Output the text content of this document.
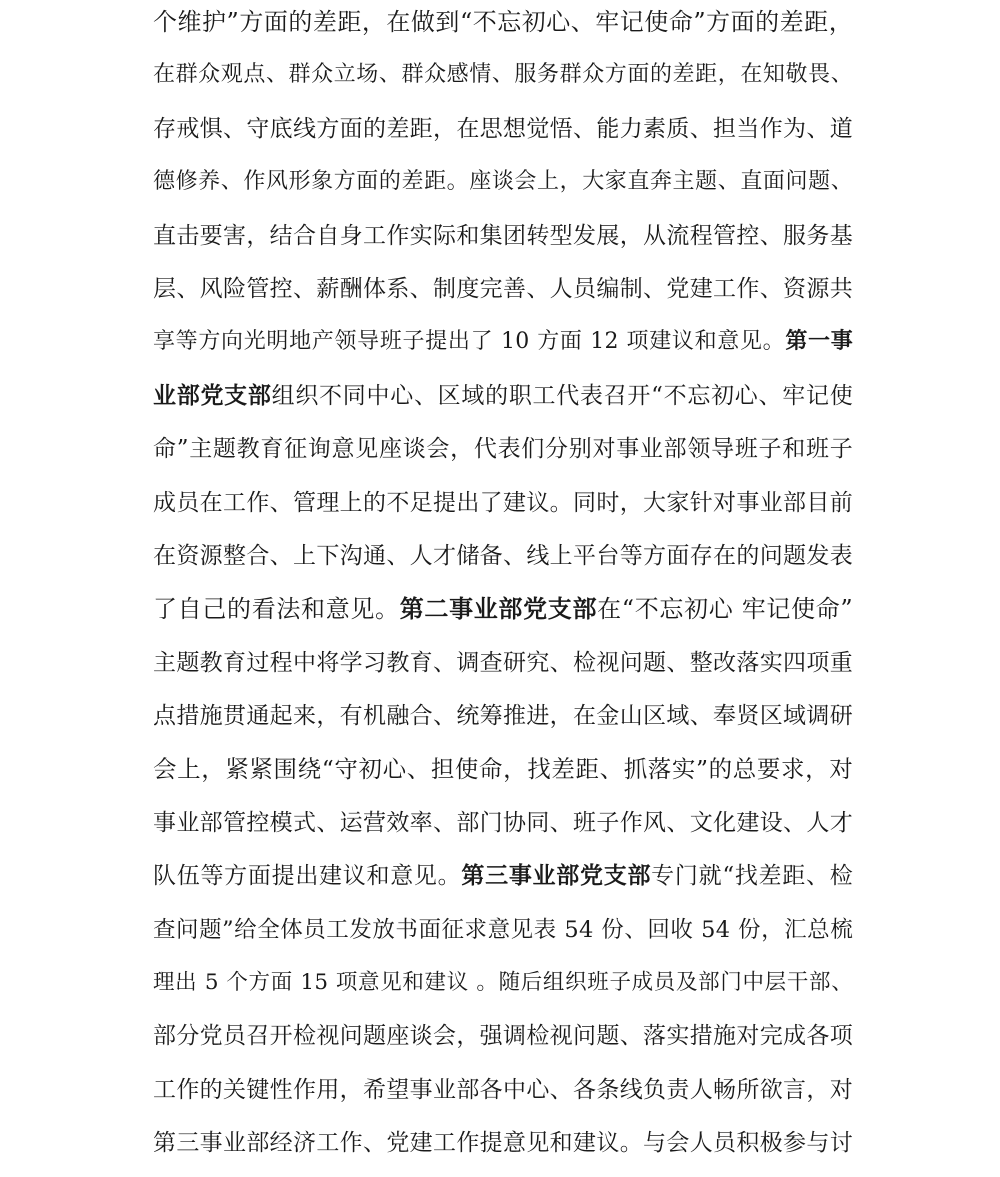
个维护”方面的差距，在做到“不忘初心、牢记使命”方面的差距，
在群众观点、群众立场、群众感情、服务群众方面的差距，在知敬畏、
存戒惧、守底线方面的差距，在思想觉悟、能力素质、担当作为、道
德修养、作风形象方面的差距。座谈会上，大家直奔主题、直面问题、
直击要害，结合自身工作实际和集团转型发展，从流程管控、服务基
层、风险管控、薪酬体系、制度完善、人员编制、党建工作、资源共
享等方向光明地产领导班子提出了 10 方面 12 项建议和意见。第一事
业部党支部组织不同中心、区域的职工代表召开“不忘初心、牢记使
命”主题教育征询意见座谈会，代表们分别对事业部领导班子和班子
成员在工作、管理上的不足提出了建议。同时，大家针对事业部目前
在资源整合、上下沟通、人才储备、线上平台等方面存在的问题发表
了自己的看法和意见。第二事业部党支部在“不忘初心 牢记使命”
主题教育过程中将学习教育、调查研究、检视问题、整改落实四项重
点措施贯通起来，有机融合、统筹推进，在金山区域、奉贤区域调研
会上，紧紧围绕“守初心、担使命，找差距、抓落实”的总要求，对
事业部管控模式、运营效率、部门协同、班子作风、文化建设、人才
队伍等方面提出建议和意见。第三事业部党支部专门就“找差距、检
查问题”给全体员工发放书面征求意见表 54 份、回收 54 份，汇总梳
理出 5 个方面 15 项意见和建议 。随后组织班子成员及部门中层干部、
部分党员召开检视问题座谈会，强调检视问题、落实措施对完成各项
工作的关键性作用，希望事业部各中心、各条线负责人畅所欲言，对
第三事业部经济工作、党建工作提意见和建议。与会人员积极参与讨
